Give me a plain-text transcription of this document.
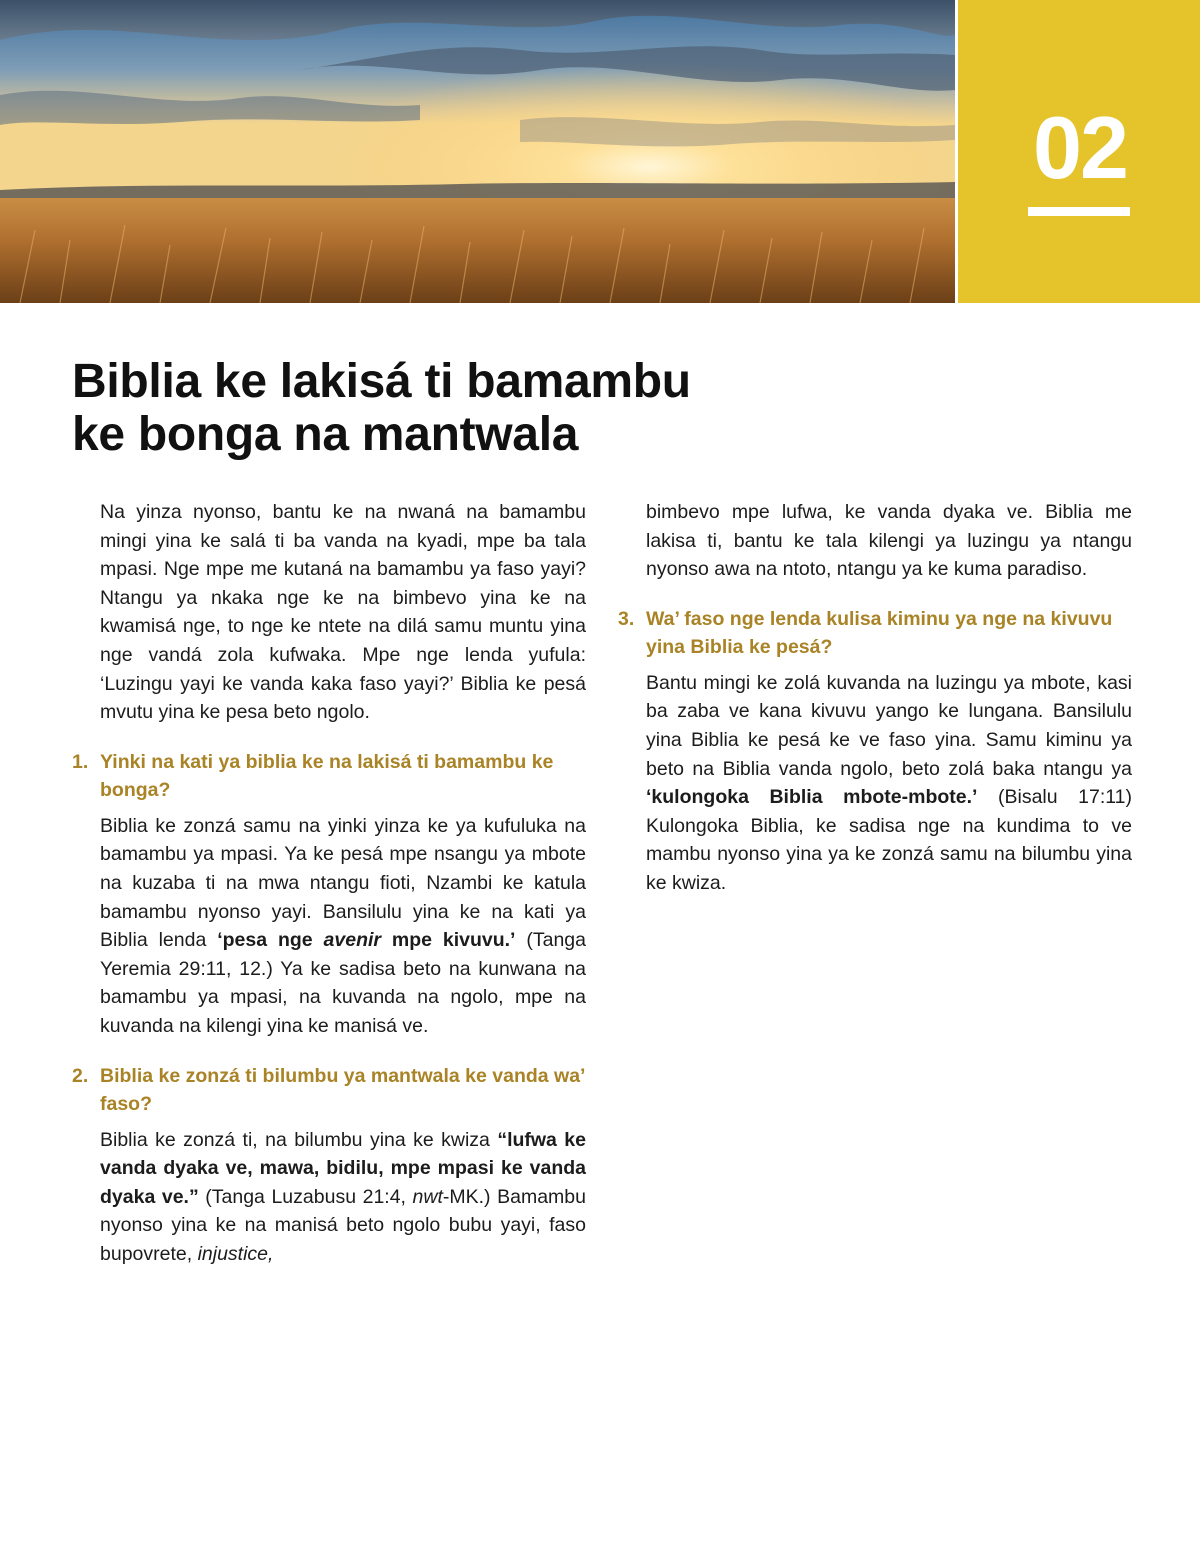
02
Biblia ke lakisá ti bamambu
ke bonga na mantwala

Na yinza nyonso, bantu ke na nwaná na bamambu mingi yina ke salá ti ba vanda na kyadi, mpe ba tala mpasi. Nge mpe me kutaná na bamambu ya faso yayi? Ntangu ya nkaka nge ke na bimbevo yina ke na kwamisá nge, to nge ke ntete na dilá samu muntu yina nge vandá zola kufwaka. Mpe nge lenda yufula: ‘Luzingu yayi ke vanda kaka faso yayi?’ Biblia ke pesá mvutu yina ke pesa beto ngolo.

1. Yinki na kati ya biblia ke na lakisá ti bamambu ke bonga?

Biblia ke zonzá samu na yinki yinza ke ya kufuluka na bamambu ya mpasi. Ya ke pesá mpe nsangu ya mbote na kuzaba ti na mwa ntangu fioti, Nzambi ke katula bamambu nyonso yayi. Bansilulu yina ke na kati ya Biblia lenda ‘pesa nge avenir mpe kivuvu.’ (Tanga Yeremia 29:11, 12.) Ya ke sadisa beto na kunwana na bamambu ya mpasi, na kuvanda na ngolo, mpe na kuvanda na kilengi yina ke manisá ve.

2. Biblia ke zonzá ti bilumbu ya mantwala ke vanda wa’ faso?

Biblia ke zonzá ti, na bilumbu yina ke kwiza “lufwa ke vanda dyaka ve, mawa, bidilu, mpe mpasi ke vanda dyaka ve.” (Tanga Luzabusu 21:4, nwt-MK.) Bamambu nyonso yina ke na manisá beto ngolo bubu yayi, faso bupovrete, injustice,

bimbevo mpe lufwa, ke vanda dyaka ve. Biblia me lakisa ti, bantu ke tala kilengi ya luzingu ya ntangu nyonso awa na ntoto, ntangu ya ke kuma paradiso.

3. Wa’ faso nge lenda kulisa kiminu ya nge na kivuvu yina Biblia ke pesá?

Bantu mingi ke zolá kuvanda na luzingu ya mbote, kasi ba zaba ve kana kivuvu yango ke lungana. Bansilulu yina Biblia ke pesá ke ve faso yina. Samu kiminu ya beto na Biblia vanda ngolo, beto zolá baka ntangu ya ‘kulongoka Biblia mbote-mbote.’ (Bisalu 17:11) Kulongoka Biblia, ke sadisa nge na kundima to ve mambu nyonso yina ya ke zonzá samu na bilumbu yina ke kwiza.
